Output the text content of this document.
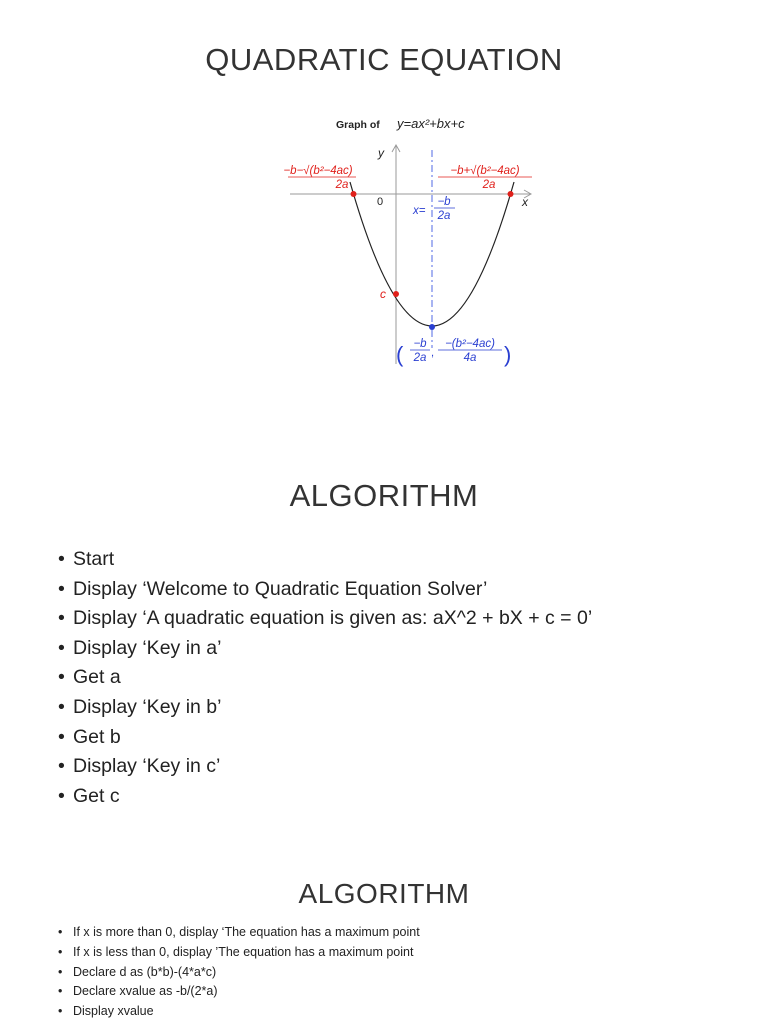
QUADRATIC EQUATION
Graph of y=ax²+bx+c
y
x
0
−b−√(b²−4ac)
2a
−b+√(b²−4ac)
2a
x=
−b
2a
c
( −b
2a ,
−(b²−4ac)
4a )
ALGORITHM
• Start
• Display ‘Welcome to Quadratic Equation Solver’
• Display ‘A quadratic equation is given as: aX^2 + bX + c = 0’
• Display ‘Key in a’
• Get a
• Display ‘Key in b’
• Get b
• Display ‘Key in c’
• Get c
ALGORITHM
• If x is more than 0, display ‘The equation has a maximum point
• If x is less than 0, display ’The equation has a maximum point
• Declare d as (b*b)-(4*a*c)
• Declare xvalue as -b/(2*a)
• Display xvalue
